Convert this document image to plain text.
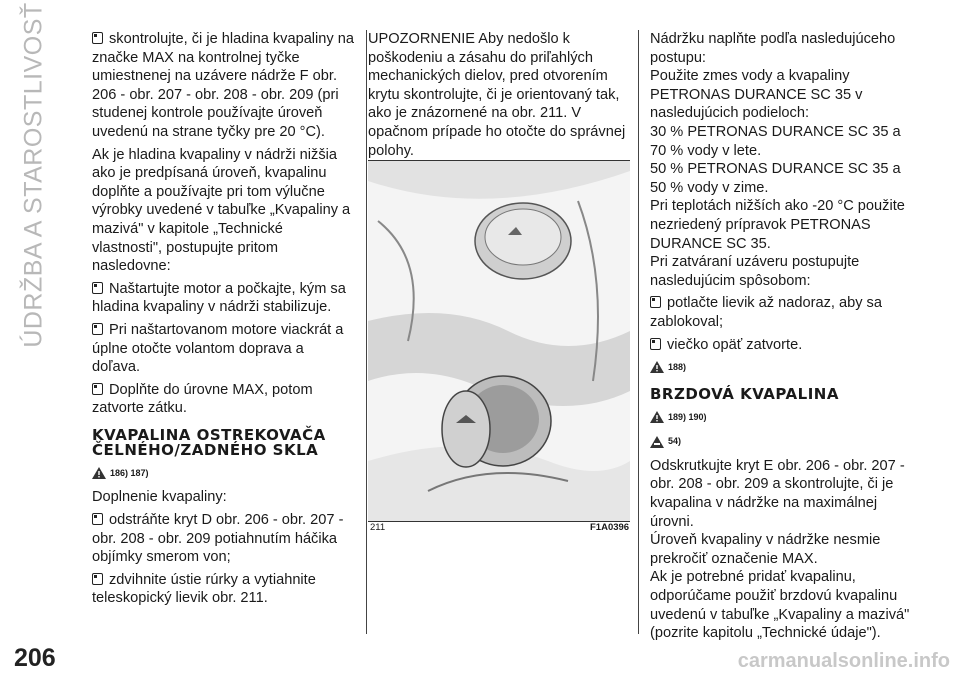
ÚDRŽBA A STAROSTLIVOSŤ	skontrolujte, či je hladina kvapaliny na značke MAX na kontrolnej tyčke umiestnenej na uzávere nádrže F obr. 206 - obr. 207 - obr. 208 - obr. 209 (pri studenej kontrole používajte úroveň uvedenú na strane tyčky pre 20 °C).

Ak je hladina kvapaliny v nádrži nižšia ako je predpísaná úroveň, kvapalinu doplňte a používajte pri tom výlučne výrobky uvedené v tabuľke „Kvapaliny a mazivá" v kapitole „Technické vlastnosti", postupujte pritom nasledovne:

Naštartujte motor a počkajte, kým sa hladina kvapaliny v nádrži stabilizuje.

Pri naštartovanom motore viackrát a úplne otočte volantom doprava a doľava.

Doplňte do úrovne MAX, potom zatvorte zátku.

KVAPALINA OSTREKOVAČA ČELNÉHO/ZADNÉHO SKLA
186) 187)

Doplnenie kvapaliny:

odstráňte kryt D obr. 206 - obr. 207 - obr. 208 - obr. 209 potiahnutím háčika objímky smerom von;

zdvihnite ústie rúrky a vytiahnite teleskopický lievik obr. 211.

UPOZORNENIE Aby nedošlo k poškodeniu a zásahu do priľahlých mechanických dielov, pred otvorením krytu skontrolujte, či je orientovaný tak, ako je znázornené na obr. 211. V opačnom prípade ho otočte do správnej polohy.

211	F1A0396

Nádržku naplňte podľa nasledujúceho postupu:

Použite zmes vody a kvapaliny PETRONAS DURANCE SC 35 v nasledujúcich podieloch:

30 % PETRONAS DURANCE SC 35 a 70 % vody v lete.

50 % PETRONAS DURANCE SC 35 a 50 % vody v zime.

Pri teplotách nižších ako -20 °C použite nezriedený prípravok PETRONAS DURANCE SC 35.

Pri zatváraní uzáveru postupujte nasledujúcim spôsobom:

potlačte lievik až nadoraz, aby sa zablokoval;

viečko opäť zatvorte.

188)
BRZDOVÁ KVAPALINA
189) 190)
54)

Odskrutkujte kryt E obr. 206 - obr. 207 - obr. 208 - obr. 209 a skontrolujte, či je kvapalina v nádržke na maximálnej úrovni.

Úroveň kvapaliny v nádržke nesmie prekročiť označenie MAX.

Ak je potrebné pridať kvapalinu, odporúčame použiť brzdovú kvapalinu uvedenú v tabuľke „Kvapaliny a mazivá" (pozrite kapitolu „Technické údaje").

206	carmanualsonline.info
